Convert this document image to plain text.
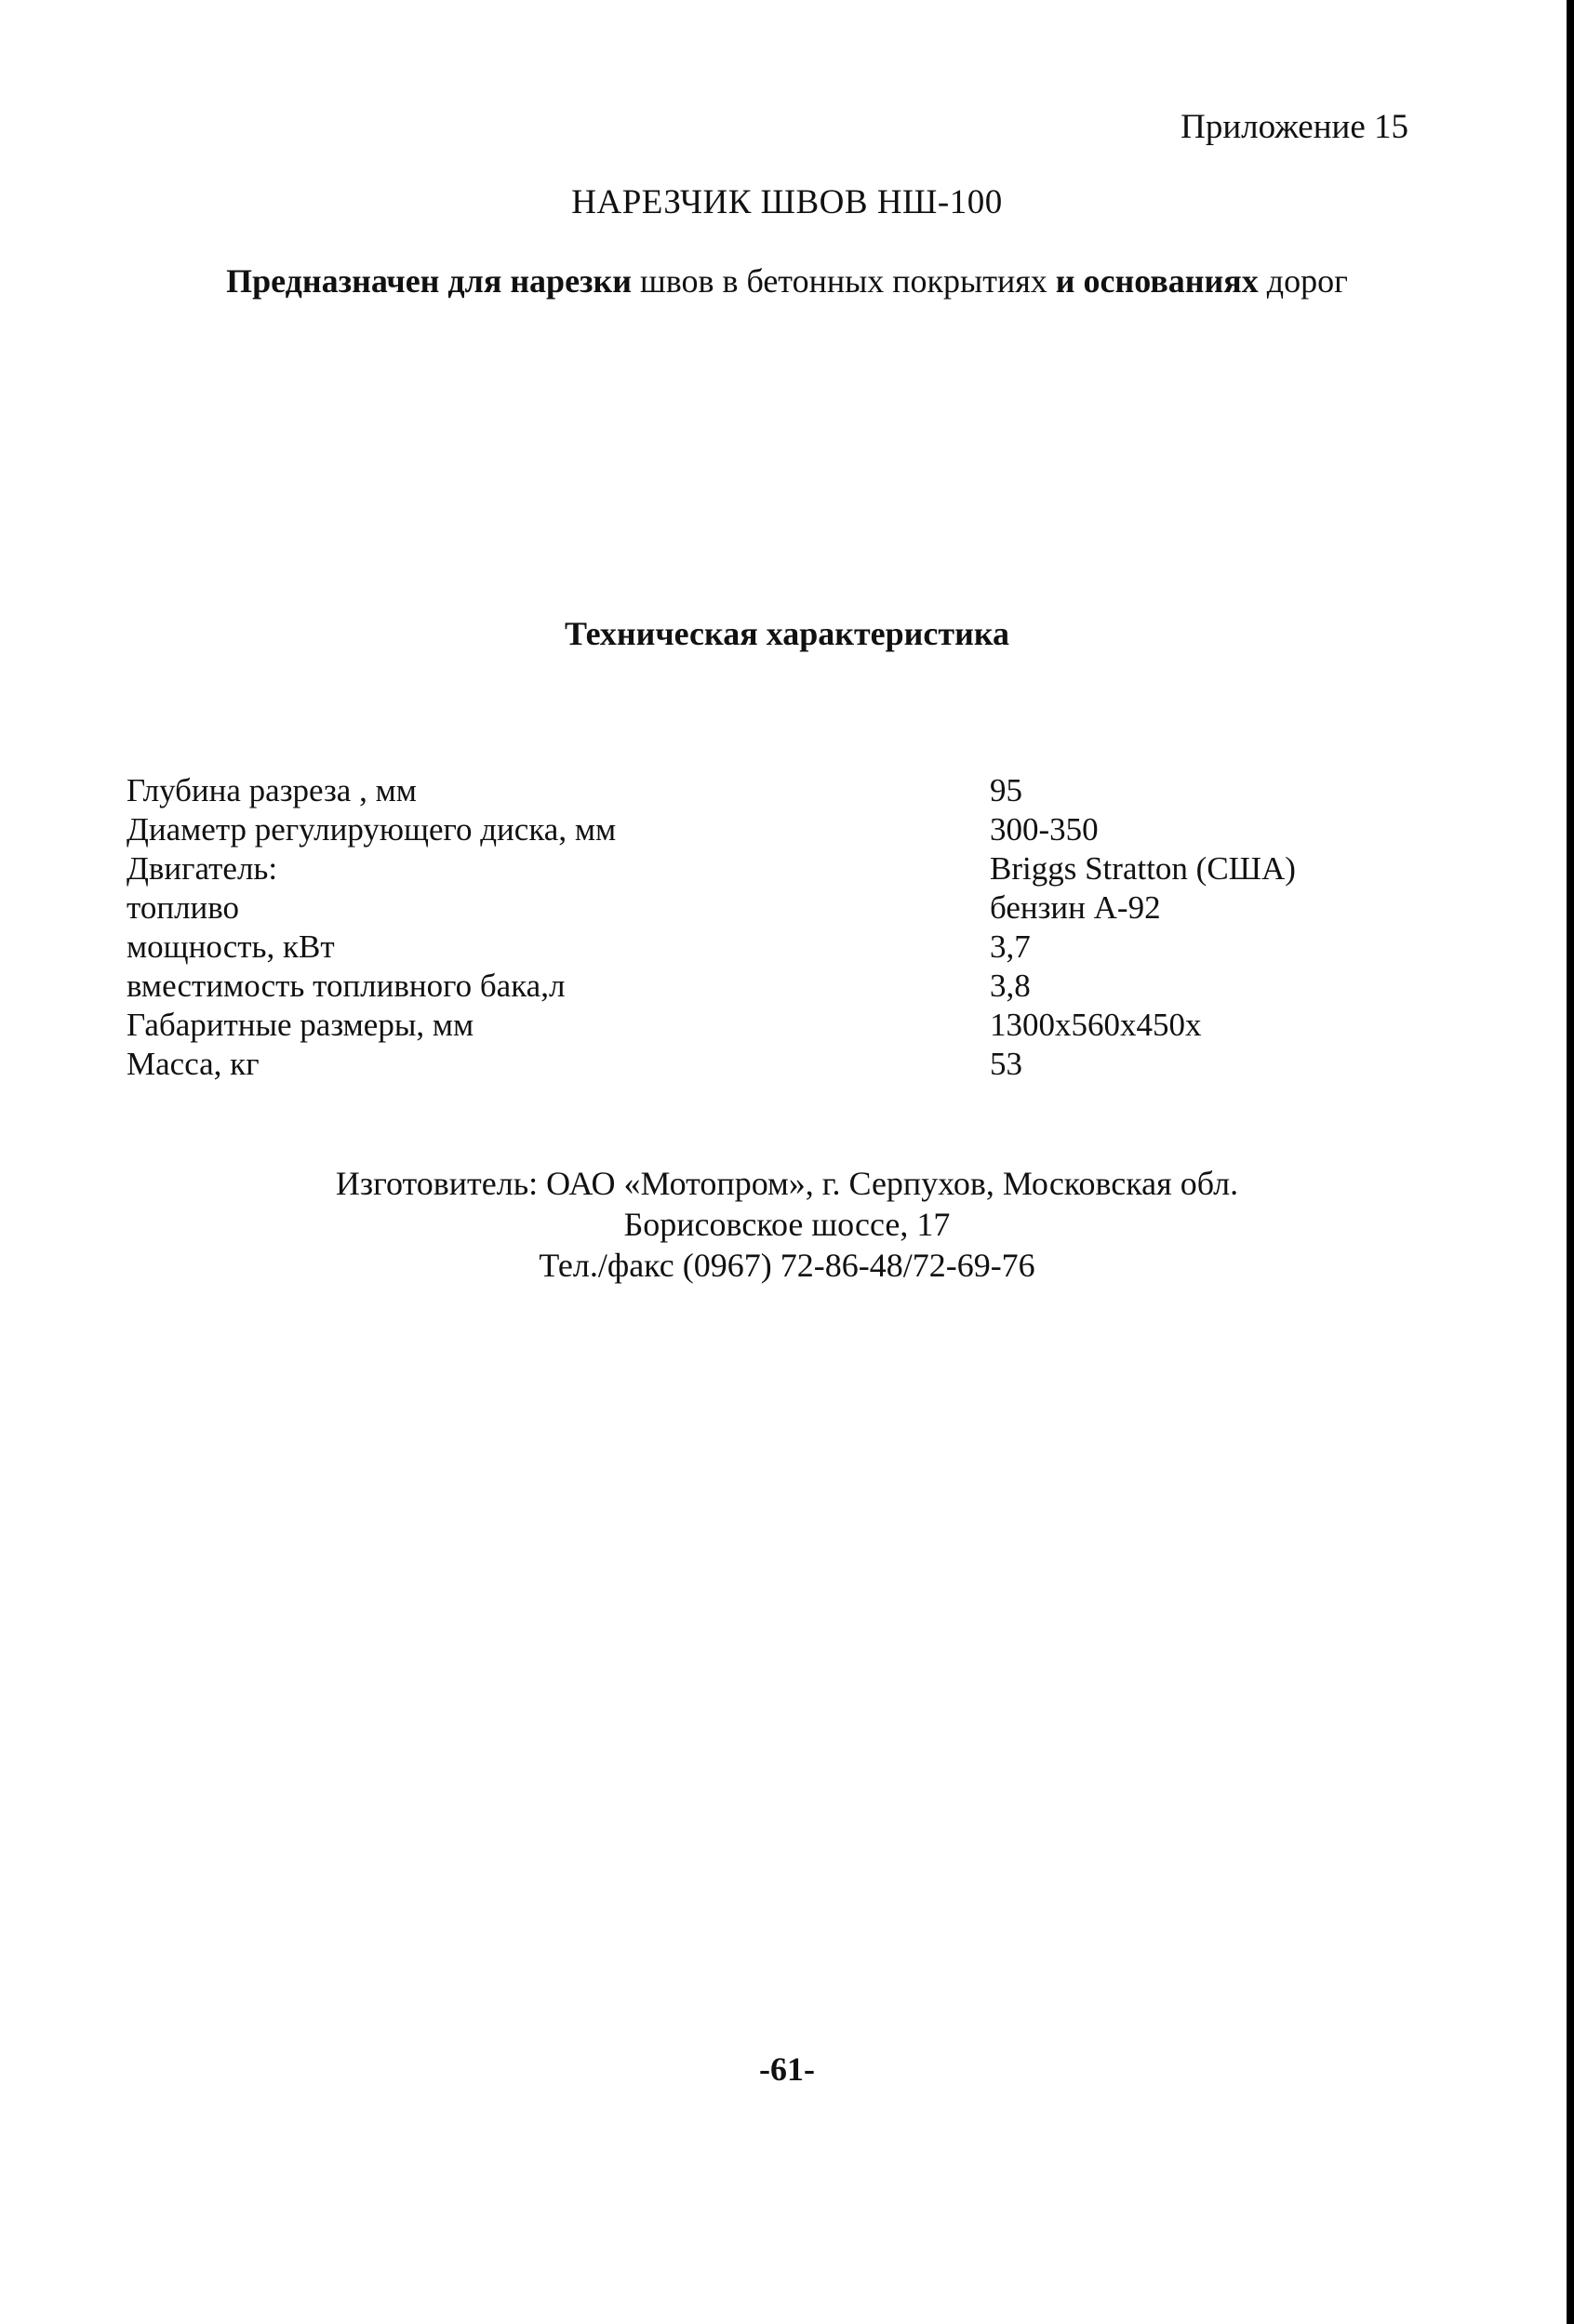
Приложение 15
НАРЕЗЧИК ШВОВ НШ-100
Предназначен для нарезки швов в бетонных покрытиях и основаниях дорог
Техническая характеристика
Глубина разреза , мм	95
Диаметр регулирующего диска, мм	300-350
Двигатель:	Briggs Stratton (США)
топливо	бензин А-92
мощность, кВт	3,7
вместимость топливного бака,л	3,8
Габаритные размеры, мм	1300x560x450x
Масса, кг	53
Изготовитель: ОАО «Мотопром», г. Серпухов, Московская обл.
Борисовское шоссе, 17
Тел./факс (0967) 72-86-48/72-69-76
-61-
